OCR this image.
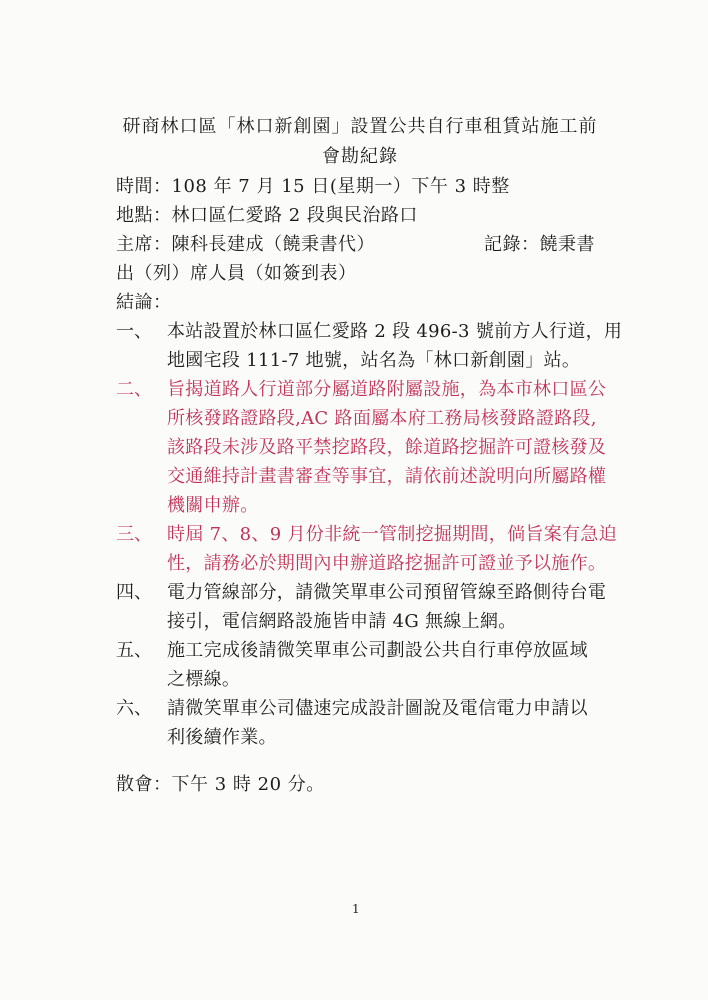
研商林口區「林口新創園」設置公共自行車租賃站施工前
會勘紀錄
時間：108 年 7 月 15 日(星期一）下午 3 時整
地點：林口區仁愛路 2 段與民治路口
主席：陳科長建成（饒秉書代）	記錄：饒秉書
出（列）席人員（如簽到表）
結論：
一、 本站設置於林口區仁愛路 2 段 496-3 號前方人行道，用
地國宅段 111-7 地號，站名為「林口新創園」站。
二、 旨揭道路人行道部分屬道路附屬設施，為本市林口區公
所核發路證路段,AC 路面屬本府工務局核發路證路段,
該路段未涉及路平禁挖路段，餘道路挖掘許可證核發及
交通維持計畫書審查等事宜，請依前述說明向所屬路權
機關申辦。
三、 時屆 7、8、9 月份非統一管制挖掘期間，倘旨案有急迫
性，請務必於期間內申辦道路挖掘許可證並予以施作。
四、 電力管線部分，請微笑單車公司預留管線至路側待台電
接引，電信網路設施皆申請 4G 無線上網。
五、 施工完成後請微笑單車公司劃設公共自行車停放區域
之標線。
六、 請微笑單車公司儘速完成設計圖說及電信電力申請以
利後續作業。
散會：下午 3 時 20 分。
1
